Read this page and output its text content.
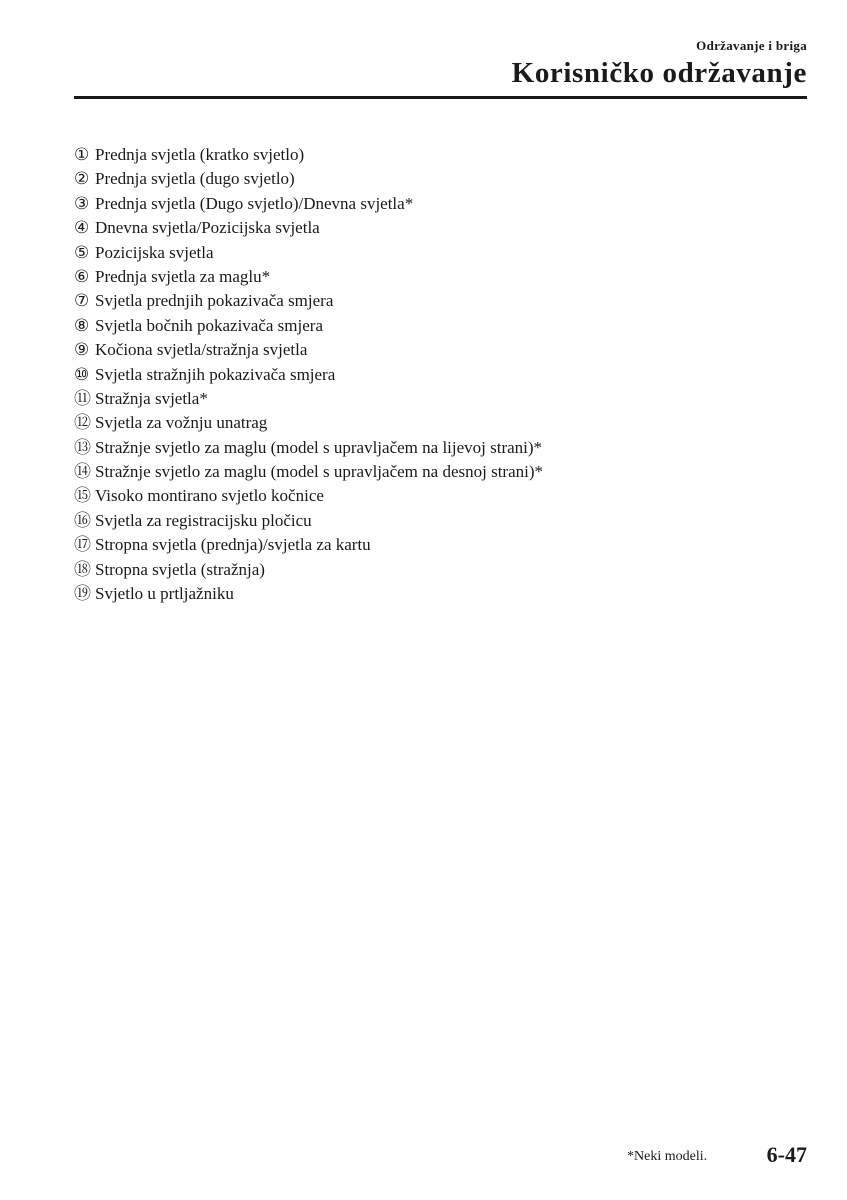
Održavanje i briga
Korisničko održavanje
① Prednja svjetla (kratko svjetlo)
② Prednja svjetla (dugo svjetlo)
③ Prednja svjetla (Dugo svjetlo)/Dnevna svjetla*
④ Dnevna svjetla/Pozicijska svjetla
⑤ Pozicijska svjetla
⑥ Prednja svjetla za maglu*
⑦ Svjetla prednjih pokazivača smjera
⑧ Svjetla bočnih pokazivača smjera
⑨ Kočiona svjetla/stražnja svjetla
⑩ Svjetla stražnjih pokazivača smjera
⑪ Stražnja svjetla*
⑫ Svjetla za vožnju unatrag
⑬ Stražnje svjetlo za maglu (model s upravljačem na lijevoj strani)*
⑭ Stražnje svjetlo za maglu (model s upravljačem na desnoj strani)*
⑮ Visoko montirano svjetlo kočnice
⑯ Svjetla za registracijsku pločicu
⑰ Stropna svjetla (prednja)/svjetla za kartu
⑱ Stropna svjetla (stražnja)
⑲ Svjetlo u prtljažniku
*Neki modeli.	6-47
